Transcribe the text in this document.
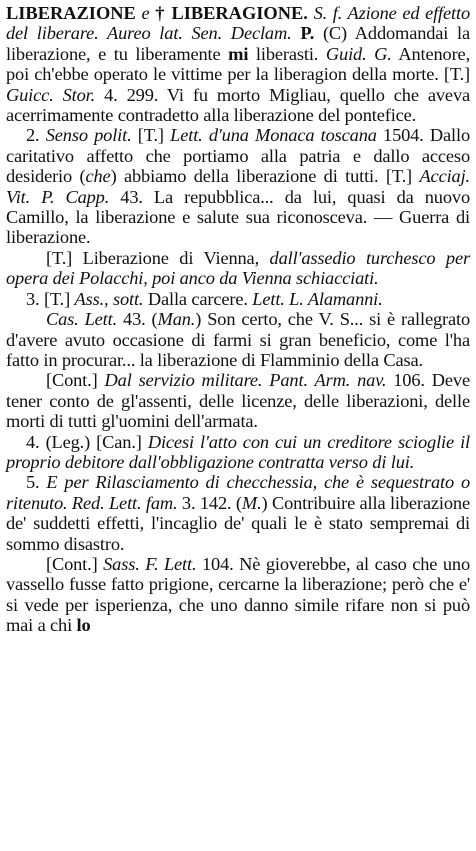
LIBERAZIONE e † LIBERAGIONE. S. f. Azione ed effetto del liberare. Aureo lat. Sen. Declam. P. (C) Addomandai la liberazione, e tu liberamente mi liberasti. Guid. G. Antenore, poi ch'ebbe operato le vittime per la liberagion della morte. [T.] Guicc. Stor. 4. 299. Vi fu morto Migliau, quello che aveva acerrimamente contradetto alla liberazione del pontefice.

2. Senso polit. [T.] Lett. d'una Monaca toscana 1504. Dallo caritativo affetto che portiamo alla patria e dallo acceso desiderio (che) abbiamo della liberazione di tutti. [T.] Acciaj. Vit. P. Capp. 43. La repubblica... da lui, quasi da nuovo Camillo, la liberazione e salute sua riconosceva. — Guerra di liberazione.

[T.] Liberazione di Vienna, dall'assedio turchesco per opera dei Polacchi, poi anco da Vienna schiacciati.

3. [T.] Ass., sott. Dalla carcere. Lett. L. Alamanni.

Cas. Lett. 43. (Man.) Son certo, che V. S... si è rallegrato d'avere avuto occasione di farmi si gran beneficio, come l'ha fatto in procurar... la liberazione di Flamminio della Casa.

[Cont.] Dal servizio militare. Pant. Arm. nav. 106. Deve tener conto de gl'assenti, delle licenze, delle liberazioni, delle morti di tutti gl'uomini dell'armata.

4. (Leg.) [Can.] Dicesi l'atto con cui un creditore scioglie il proprio debitore dall'obbligazione contratta verso di lui.

5. E per Rilasciamento di checchessia, che è sequestrato o ritenuto. Red. Lett. fam. 3. 142. (M.) Contribuire alla liberazione de' suddetti effetti, l'incaglio de' quali le è stato sempremai di sommo disastro.

[Cont.] Sass. F. Lett. 104. Nè gioverebbe, al caso che uno vassello fusse fatto prigione, cercarne la liberazione; però che e' si vede per isperienza, che uno danno simile rifare non si può mai a chi lo
